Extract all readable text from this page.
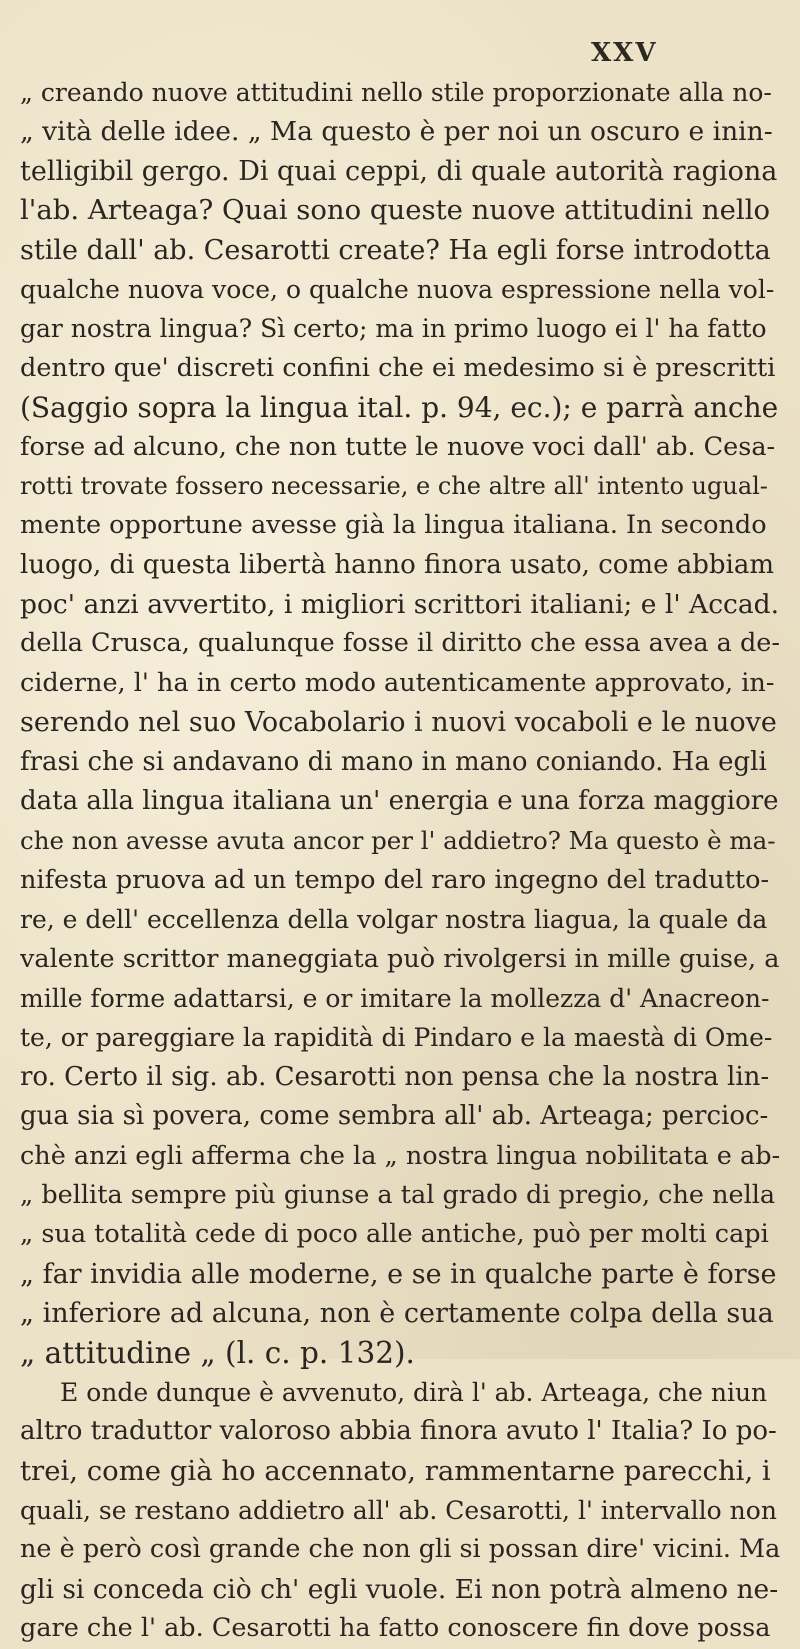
XXV
„ creando nuove attitudini nello stile proporzionate alla no-
„ vità delle idee. „ Ma questo è per noi un oscuro e inin-
telligibil gergo. Di quai ceppi, di quale autorità ragiona
l'ab. Arteaga? Quai sono queste nuove attitudini nello
stile dall' ab. Cesarotti create? Ha egli forse introdotta
qualche nuova voce, o qualche nuova espressione nella vol-
gar nostra lingua? Sì certo; ma in primo luogo ei l' ha fatto
dentro que' discreti confini che ei medesimo si è prescritti
(Saggio sopra la lingua ital. p. 94, ec.); e parrà anche
forse ad alcuno, che non tutte le nuove voci dall' ab. Cesa-
rotti trovate fossero necessarie, e che altre all' intento ugual-
mente opportune avesse già la lingua italiana. In secondo
luogo, di questa libertà hanno finora usato, come abbiam
poc' anzi avvertito, i migliori scrittori italiani; e l' Accad.
della Crusca, qualunque fosse il diritto che essa avea a de-
ciderne, l' ha in certo modo autenticamente approvato, in-
serendo nel suo Vocabolario i nuovi vocaboli e le nuove
frasi che si andavano di mano in mano coniando. Ha egli
data alla lingua italiana un' energia e una forza maggiore
che non avesse avuta ancor per l' addietro? Ma questo è ma-
nifesta pruova ad un tempo del raro ingegno del tradutto-
re, e dell' eccellenza della volgar nostra liagua, la quale da
valente scrittor maneggiata può rivolgersi in mille guise, a
mille forme adattarsi, e or imitare la mollezza d' Anacreon-
te, or pareggiare la rapidità di Pindaro e la maestà di Ome-
ro. Certo il sig. ab. Cesarotti non pensa che la nostra lin-
gua sia sì povera, come sembra all' ab. Arteaga; percioc-
chè anzi egli afferma che la „ nostra lingua nobilitata e ab-
„ bellita sempre più giunse a tal grado di pregio, che nella
„ sua totalità cede di poco alle antiche, può per molti capi
„ far invidia alle moderne, e se in qualche parte è forse
„ inferiore ad alcuna, non è certamente colpa della sua
„ attitudine „ (l. c. p. 132).
E onde dunque è avvenuto, dirà l' ab. Arteaga, che niun
altro traduttor valoroso abbia finora avuto l' Italia? Io po-
trei, come già ho accennato, rammentarne parecchi, i
quali, se restano addietro all' ab. Cesarotti, l' intervallo non
ne è però così grande che non gli si possan dire' vicini. Ma
gli si conceda ciò ch' egli vuole. Ei non potrà almeno ne-
gare che l' ab. Cesarotti ha fatto conoscere fin dove possa
